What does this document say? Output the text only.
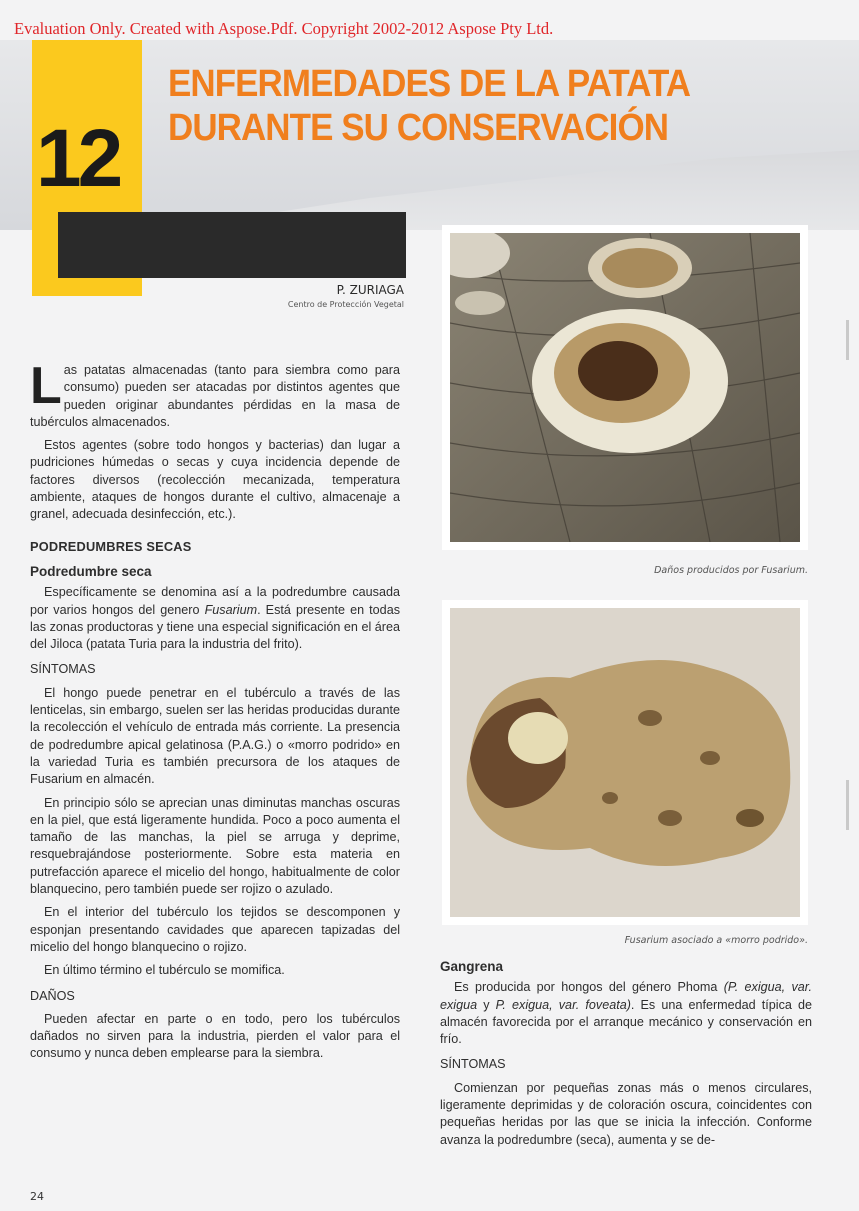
Evaluation Only. Created with Aspose.Pdf. Copyright 2002-2012 Aspose Pty Ltd.
12
ENFERMEDADES DE LA PATATA
DURANTE SU CONSERVACIÓN
P. ZURIAGA
Centro de Protección Vegetal

Las patatas almacenadas (tanto para siembra como para consumo) pueden ser atacadas por distintos agentes que pueden originar abundantes pérdidas en la masa de tubérculos almacenados.

Estos agentes (sobre todo hongos y bacterias) dan lugar a pudriciones húmedas o secas y cuya incidencia depende de factores diversos (recolección mecanizada, temperatura ambiente, ataques de hongos durante el cultivo, almacenaje a granel, adecuada desinfección, etc.).

PODREDUMBRES SECAS
Podredumbre seca

Específicamente se denomina así a la podredumbre causada por varios hongos del genero Fusarium. Está presente en todas las zonas productoras y tiene una especial significación en el área del Jiloca (patata Turia para la industria del frito).

SÍNTOMAS

El hongo puede penetrar en el tubérculo a través de las lenticelas, sin embargo, suelen ser las heridas producidas durante la recolección el vehículo de entrada más corriente. La presencia de podredumbre apical gelatinosa (P.A.G.) o «morro podrido» en la variedad Turia es también precursora de los ataques de Fusarium en almacén.

En principio sólo se aprecian unas diminutas manchas oscuras en la piel, que está ligeramente hundida. Poco a poco aumenta el tamaño de las manchas, la piel se arruga y deprime, resquebrajándose posteriormente. Sobre esta materia en putrefacción aparece el micelio del hongo, habitualmente de color blanquecino, pero también puede ser rojizo o azulado.

En el interior del tubérculo los tejidos se descomponen y esponjan presentando cavidades que aparecen tapizadas del micelio del hongo blanquecino o rojizo.

En último término el tubérculo se momifica.

DAÑOS

Pueden afectar en parte o en todo, pero los tubérculos dañados no sirven para la industria, pierden el valor para el consumo y nunca deben emplearse para la siembra.

Daños producidos por Fusarium.
Fusarium asociado a «morro podrido».
Gangrena

Es producida por hongos del género Phoma (P. exigua, var. exigua y P. exigua, var. foveata). Es una enfermedad típica de almacén favorecida por el arranque mecánico y conservación en frío.

SÍNTOMAS

Comienzan por pequeñas zonas más o menos circulares, ligeramente deprimidas y de coloración oscura, coincidentes con pequeñas heridas por las que se inicia la infección. Conforme avanza la podredumbre (seca), aumenta y se de-

24
